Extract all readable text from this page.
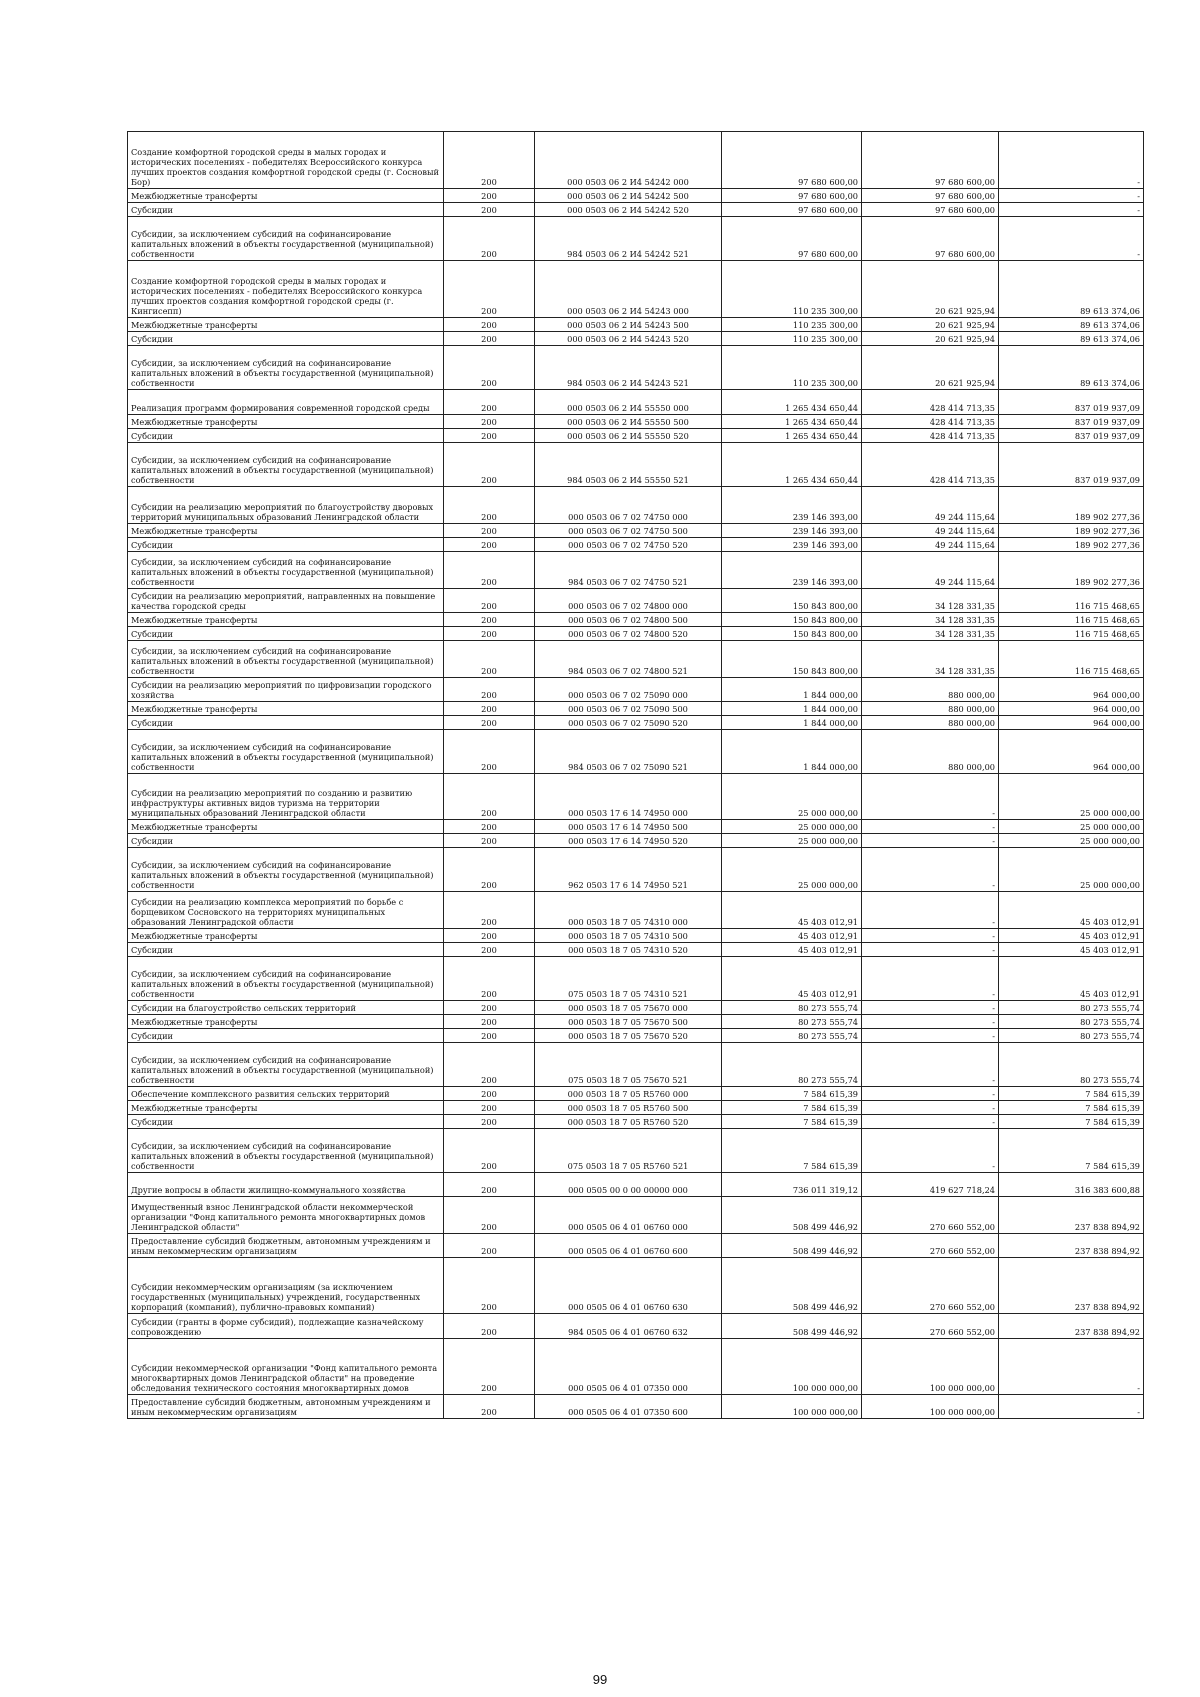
Создание комфортной городской среды в малых городах и исторических поселениях - победителях Всероссийского конкурса лучших проектов создания комфортной городской среды (г. Сосновый Бор)	200	000 0503 06 2 И4 54242 000	97 680 600,00	97 680 600,00	-
Межбюджетные трансферты	200	000 0503 06 2 И4 54242 500	97 680 600,00	97 680 600,00	-
Субсидии	200	000 0503 06 2 И4 54242 520	97 680 600,00	97 680 600,00	-
Субсидии, за исключением субсидий на софинансирование капитальных вложений в объекты государственной (муниципальной) собственности	200	984 0503 06 2 И4 54242 521	97 680 600,00	97 680 600,00	-
Создание комфортной городской среды в малых городах и исторических поселениях - победителях Всероссийского конкурса лучших проектов создания комфортной городской среды (г. Кингисепп)	200	000 0503 06 2 И4 54243 000	110 235 300,00	20 621 925,94	89 613 374,06
Межбюджетные трансферты	200	000 0503 06 2 И4 54243 500	110 235 300,00	20 621 925,94	89 613 374,06
Субсидии	200	000 0503 06 2 И4 54243 520	110 235 300,00	20 621 925,94	89 613 374,06
Субсидии, за исключением субсидий на софинансирование капитальных вложений в объекты государственной (муниципальной) собственности	200	984 0503 06 2 И4 54243 521	110 235 300,00	20 621 925,94	89 613 374,06
Реализация программ формирования современной городской среды	200	000 0503 06 2 И4 55550 000	1 265 434 650,44	428 414 713,35	837 019 937,09
Межбюджетные трансферты	200	000 0503 06 2 И4 55550 500	1 265 434 650,44	428 414 713,35	837 019 937,09
Субсидии	200	000 0503 06 2 И4 55550 520	1 265 434 650,44	428 414 713,35	837 019 937,09
Субсидии, за исключением субсидий на софинансирование капитальных вложений в объекты государственной (муниципальной) собственности	200	984 0503 06 2 И4 55550 521	1 265 434 650,44	428 414 713,35	837 019 937,09
Субсидии на реализацию мероприятий по благоустройству дворовых территорий муниципальных образований Ленинградской области	200	000 0503 06 7 02 74750 000	239 146 393,00	49 244 115,64	189 902 277,36
Межбюджетные трансферты	200	000 0503 06 7 02 74750 500	239 146 393,00	49 244 115,64	189 902 277,36
Субсидии	200	000 0503 06 7 02 74750 520	239 146 393,00	49 244 115,64	189 902 277,36
Субсидии, за исключением субсидий на софинансирование капитальных вложений в объекты государственной (муниципальной) собственности	200	984 0503 06 7 02 74750 521	239 146 393,00	49 244 115,64	189 902 277,36
Субсидии на реализацию мероприятий, направленных на повышение качества городской среды	200	000 0503 06 7 02 74800 000	150 843 800,00	34 128 331,35	116 715 468,65
Межбюджетные трансферты	200	000 0503 06 7 02 74800 500	150 843 800,00	34 128 331,35	116 715 468,65
Субсидии	200	000 0503 06 7 02 74800 520	150 843 800,00	34 128 331,35	116 715 468,65
Субсидии, за исключением субсидий на софинансирование капитальных вложений в объекты государственной (муниципальной) собственности	200	984 0503 06 7 02 74800 521	150 843 800,00	34 128 331,35	116 715 468,65
Субсидии на реализацию мероприятий по цифровизации городского хозяйства	200	000 0503 06 7 02 75090 000	1 844 000,00	880 000,00	964 000,00
Межбюджетные трансферты	200	000 0503 06 7 02 75090 500	1 844 000,00	880 000,00	964 000,00
Субсидии	200	000 0503 06 7 02 75090 520	1 844 000,00	880 000,00	964 000,00
Субсидии, за исключением субсидий на софинансирование капитальных вложений в объекты государственной (муниципальной) собственности	200	984 0503 06 7 02 75090 521	1 844 000,00	880 000,00	964 000,00
Субсидии на реализацию мероприятий по созданию и развитию инфраструктуры активных видов туризма на территории муниципальных образований Ленинградской области	200	000 0503 17 6 14 74950 000	25 000 000,00	-	25 000 000,00
Межбюджетные трансферты	200	000 0503 17 6 14 74950 500	25 000 000,00	-	25 000 000,00
Субсидии	200	000 0503 17 6 14 74950 520	25 000 000,00	-	25 000 000,00
Субсидии, за исключением субсидий на софинансирование капитальных вложений в объекты государственной (муниципальной) собственности	200	962 0503 17 6 14 74950 521	25 000 000,00	-	25 000 000,00
Субсидии на реализацию комплекса мероприятий по борьбе с борщевиком Сосновского на территориях муниципальных образований Ленинградской области	200	000 0503 18 7 05 74310 000	45 403 012,91	-	45 403 012,91
Межбюджетные трансферты	200	000 0503 18 7 05 74310 500	45 403 012,91	-	45 403 012,91
Субсидии	200	000 0503 18 7 05 74310 520	45 403 012,91	-	45 403 012,91
Субсидии, за исключением субсидий на софинансирование капитальных вложений в объекты государственной (муниципальной) собственности	200	075 0503 18 7 05 74310 521	45 403 012,91	-	45 403 012,91
Субсидии на благоустройство сельских территорий	200	000 0503 18 7 05 75670 000	80 273 555,74	-	80 273 555,74
Межбюджетные трансферты	200	000 0503 18 7 05 75670 500	80 273 555,74	-	80 273 555,74
Субсидии	200	000 0503 18 7 05 75670 520	80 273 555,74	-	80 273 555,74
Субсидии, за исключением субсидий на софинансирование капитальных вложений в объекты государственной (муниципальной) собственности	200	075 0503 18 7 05 75670 521	80 273 555,74	-	80 273 555,74
Обеспечение комплексного развития сельских территорий	200	000 0503 18 7 05 R5760 000	7 584 615,39	-	7 584 615,39
Межбюджетные трансферты	200	000 0503 18 7 05 R5760 500	7 584 615,39	-	7 584 615,39
Субсидии	200	000 0503 18 7 05 R5760 520	7 584 615,39	-	7 584 615,39
Субсидии, за исключением субсидий на софинансирование капитальных вложений в объекты государственной (муниципальной) собственности	200	075 0503 18 7 05 R5760 521	7 584 615,39	-	7 584 615,39
Другие вопросы в области жилищно-коммунального хозяйства	200	000 0505 00 0 00 00000 000	736 011 319,12	419 627 718,24	316 383 600,88
Имущественный взнос Ленинградской области некоммерческой организации "Фонд капитального ремонта многоквартирных домов Ленинградской области"	200	000 0505 06 4 01 06760 000	508 499 446,92	270 660 552,00	237 838 894,92
Предоставление субсидий бюджетным, автономным учреждениям и иным некоммерческим организациям	200	000 0505 06 4 01 06760 600	508 499 446,92	270 660 552,00	237 838 894,92
Субсидии некоммерческим организациям (за исключением государственных (муниципальных) учреждений, государственных корпораций (компаний), публично-правовых компаний)	200	000 0505 06 4 01 06760 630	508 499 446,92	270 660 552,00	237 838 894,92
Субсидии (гранты в форме субсидий), подлежащие казначейскому сопровождению	200	984 0505 06 4 01 06760 632	508 499 446,92	270 660 552,00	237 838 894,92
Субсидии некоммерческой организации "Фонд капитального ремонта многоквартирных домов Ленинградской области" на проведение обследования технического состояния многоквартирных домов	200	000 0505 06 4 01 07350 000	100 000 000,00	100 000 000,00	-
Предоставление субсидий бюджетным, автономным учреждениям и иным некоммерческим организациям	200	000 0505 06 4 01 07350 600	100 000 000,00	100 000 000,00	-
99
